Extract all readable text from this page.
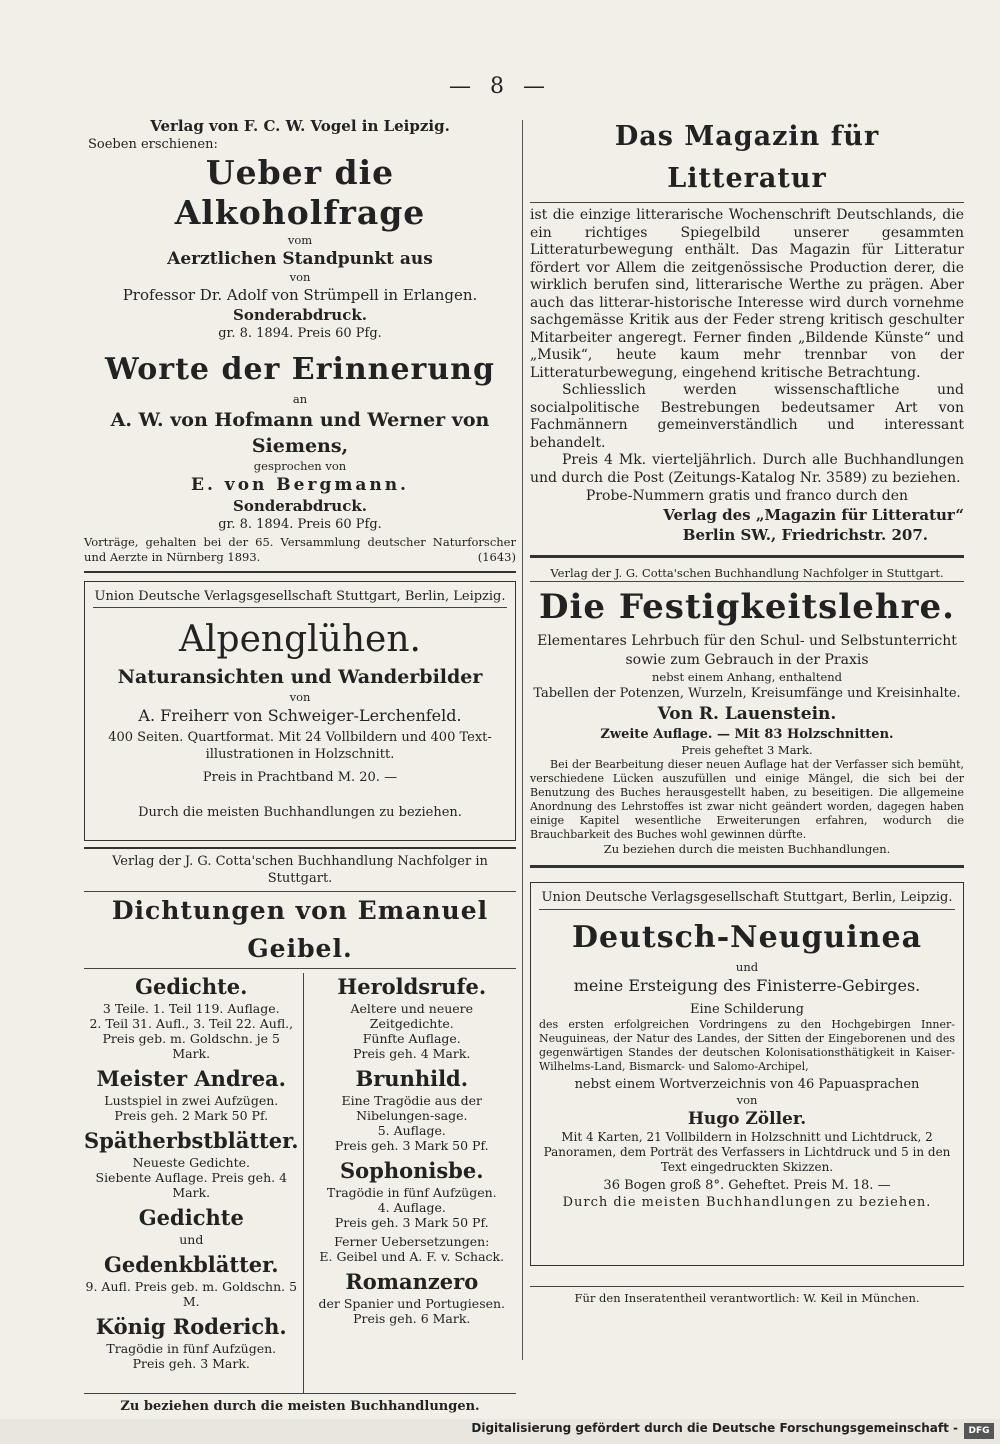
— 8 —
Verlag von F. C. W. Vogel in Leipzig.
Soeben erschienen:
Ueber die Alkoholfrage
vom
Aerztlichen Standpunkt aus
von
Professor Dr. Adolf von Strümpell in Erlangen.
Sonderabdruck.
gr. 8. 1894. Preis 60 Pfg.
Worte der Erinnerung
an
A. W. von Hofmann und Werner von Siemens,
gesprochen von
E. von Bergmann.
Sonderabdruck.
gr. 8. 1894. Preis 60 Pfg.
Vorträge, gehalten bei der 65. Versammlung deutscher Naturforscher und Aerzte in Nürnberg 1893.	(1643)
Union Deutsche Verlagsgesellschaft Stuttgart, Berlin, Leipzig.
Alpenglühen.
Naturansichten und Wanderbilder
von
A. Freiherr von Schweiger-Lerchenfeld.
400 Seiten. Quartformat. Mit 24 Vollbildern und 400 Text-illustrationen in Holzschnitt.
Preis in Prachtband M. 20. —
Durch die meisten Buchhandlungen zu beziehen.
Verlag der J. G. Cotta'schen Buchhandlung Nachfolger in Stuttgart.
Dichtungen von Emanuel Geibel.
Gedichte.
3 Teile. 1. Teil 119. Auflage.
2. Teil 31. Aufl., 3. Teil 22. Aufl.,
Preis geb. m. Goldschn. je 5 Mark.
Meister Andrea.
Lustspiel in zwei Aufzügen.
Preis geh. 2 Mark 50 Pf.
Spätherbstblätter.
Neueste Gedichte.
Siebente Auflage. Preis geh. 4 Mark.
Gedichte
und
Gedenkblätter.
9. Aufl. Preis geb. m. Goldschn. 5 M.
König Roderich.
Tragödie in fünf Aufzügen.
Preis geh. 3 Mark.
Heroldsrufe.
Aeltere und neuere Zeitgedichte.
Fünfte Auflage.
Preis geh. 4 Mark.
Brunhild.
Eine Tragödie aus der Nibelungen-sage.
5. Auflage.
Preis geh. 3 Mark 50 Pf.
Sophonisbe.
Tragödie in fünf Aufzügen.
4. Auflage.
Preis geh. 3 Mark 50 Pf.
Ferner Uebersetzungen:
E. Geibel und A. F. v. Schack.
Romanzero
der Spanier und Portugiesen.
Preis geh. 6 Mark.
Zu beziehen durch die meisten Buchhandlungen.
Das Magazin für Litteratur
ist die einzige litterarische Wochenschrift Deutschlands, die ein richtiges Spiegelbild unserer gesammten Litteraturbewegung enthält. Das Magazin für Litteratur fördert vor Allem die zeitgenössische Production derer, die wirklich berufen sind, litterarische Werthe zu prägen. Aber auch das litterar-historische Interesse wird durch vornehme sachgemässe Kritik aus der Feder streng kritisch geschulter Mitarbeiter angeregt. Ferner finden „Bildende Künste“ und „Musik“, heute kaum mehr trennbar von der Litteraturbewegung, eingehend kritische Betrachtung.
Schliesslich werden wissenschaftliche und socialpolitische Bestrebungen bedeutsamer Art von Fachmännern gemeinverständlich und interessant behandelt.
Preis 4 Mk. vierteljährlich. Durch alle Buchhandlungen und durch die Post (Zeitungs-Katalog Nr. 3589) zu beziehen.
Probe-Nummern gratis und franco durch den
Verlag des „Magazin für Litteratur“
Berlin SW., Friedrichstr. 207.
Verlag der J. G. Cotta'schen Buchhandlung Nachfolger in Stuttgart.
Die Festigkeitslehre.
Elementares Lehrbuch für den Schul- und Selbstunterricht sowie zum Gebrauch in der Praxis
nebst einem Anhang, enthaltend
Tabellen der Potenzen, Wurzeln, Kreisumfänge und Kreisinhalte.
Von R. Lauenstein.
Zweite Auflage. — Mit 83 Holzschnitten.
Preis geheftet 3 Mark.
Bei der Bearbeitung dieser neuen Auflage hat der Verfasser sich bemüht, verschiedene Lücken auszufüllen und einige Mängel, die sich bei der Benutzung des Buches herausgestellt haben, zu beseitigen. Die allgemeine Anordnung des Lehrstoffes ist zwar nicht geändert worden, dagegen haben einige Kapitel wesentliche Erweiterungen erfahren, wodurch die Brauchbarkeit des Buches wohl gewinnen dürfte.
Zu beziehen durch die meisten Buchhandlungen.
Union Deutsche Verlagsgesellschaft Stuttgart, Berlin, Leipzig.
Deutsch-Neuguinea
und
meine Ersteigung des Finisterre-Gebirges.
Eine Schilderung
des ersten erfolgreichen Vordringens zu den Hochgebirgen Inner-Neuguineas, der Natur des Landes, der Sitten der Eingeborenen und des gegenwärtigen Standes der deutschen Kolonisationsthätigkeit in Kaiser-Wilhelms-Land, Bismarck- und Salomo-Archipel,
nebst einem Wortverzeichnis von 46 Papuasprachen
von
Hugo Zöller.
Mit 4 Karten, 21 Vollbildern in Holzschnitt und Lichtdruck, 2 Panoramen, dem Porträt des Verfassers in Lichtdruck und 5 in den Text eingedruckten Skizzen.
36 Bogen groß 8°. Geheftet. Preis M. 18. —
Durch die meisten Buchhandlungen zu beziehen.
Für den Inseratentheil verantwortlich: W. Keil in München.
Digitalisierung gefördert durch die Deutsche Forschungsgemeinschaft -	DFG
